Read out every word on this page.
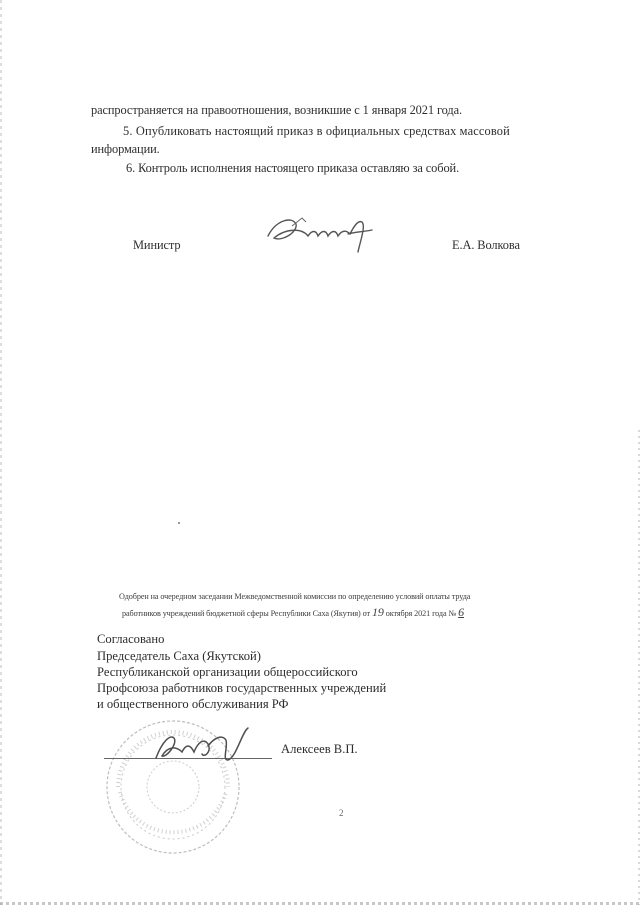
распространяется на правоотношения, возникшие с 1 января 2021 года.
5. Опубликовать настоящий приказ в официальных средствах массовой
информации.
6. Контроль исполнения настоящего приказа оставляю за собой.
Министр	Е.А. Волкова
Одобрен на очередном заседании Межведомственной комиссии по определению условий оплаты труда
работников учреждений бюджетной сферы Республики Саха (Якутия) от 19 октября 2021 года № 6
Согласовано
Председатель Саха (Якутской)
Республиканской организации общероссийского
Профсоюза работников государственных учреждений
и общественного обслуживания РФ
Алексеев В.П.
2
